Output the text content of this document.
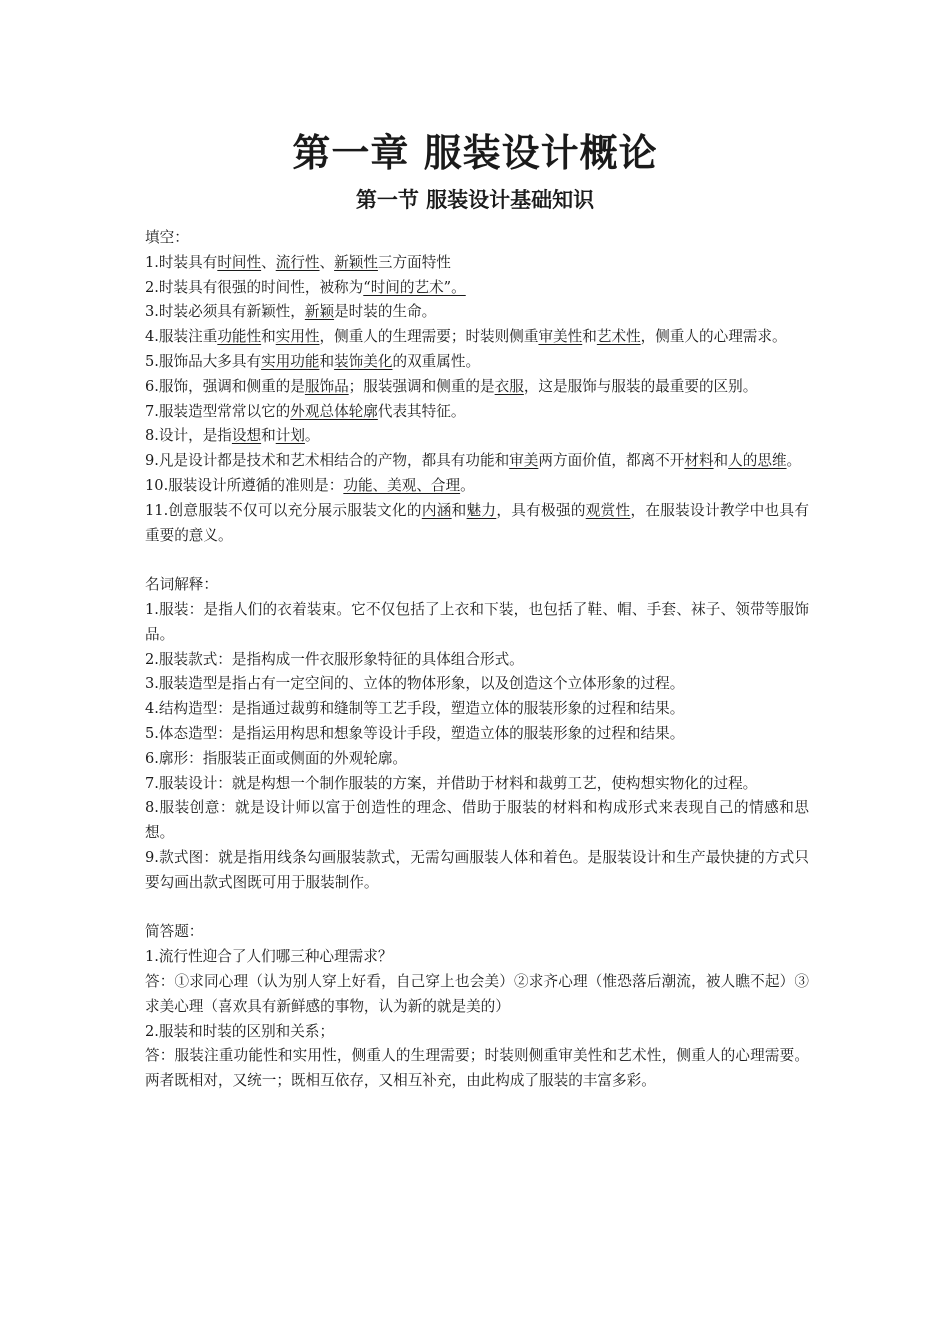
第一章 服装设计概论
第一节 服装设计基础知识

填空：

1.时装具有时间性、流行性、新颖性三方面特性

2.时装具有很强的时间性，被称为“时间的艺术”。

3.时装必须具有新颖性，新颖是时装的生命。

4.服装注重功能性和实用性，侧重人的生理需要；时装则侧重审美性和艺术性，侧重人的心理需求。

5.服饰品大多具有实用功能和装饰美化的双重属性。

6.服饰，强调和侧重的是服饰品；服装强调和侧重的是衣服，这是服饰与服装的最重要的区别。

7.服装造型常常以它的外观总体轮廓代表其特征。

8.设计，是指设想和计划。

9.凡是设计都是技术和艺术相结合的产物，都具有功能和审美两方面价值，都离不开材料和人的思维。

10.服装设计所遵循的准则是：功能、美观、合理。

11.创意服装不仅可以充分展示服装文化的内涵和魅力，具有极强的观赏性，在服装设计教学中也具有重要的意义。

名词解释：

1.服装：是指人们的衣着装束。它不仅包括了上衣和下装，也包括了鞋、帽、手套、袜子、领带等服饰品。

2.服装款式：是指构成一件衣服形象特征的具体组合形式。

3.服装造型是指占有一定空间的、立体的物体形象，以及创造这个立体形象的过程。

4.结构造型：是指通过裁剪和缝制等工艺手段，塑造立体的服装形象的过程和结果。

5.体态造型：是指运用构思和想象等设计手段，塑造立体的服装形象的过程和结果。

6.廓形：指服装正面或侧面的外观轮廓。

7.服装设计：就是构想一个制作服装的方案，并借助于材料和裁剪工艺，使构想实物化的过程。

8.服装创意：就是设计师以富于创造性的理念、借助于服装的材料和构成形式来表现自己的情感和思想。

9.款式图：就是指用线条勾画服装款式，无需勾画服装人体和着色。是服装设计和生产最快捷的方式只要勾画出款式图既可用于服装制作。

简答题：

1.流行性迎合了人们哪三种心理需求？

答：①求同心理（认为别人穿上好看，自己穿上也会美）②求齐心理（惟恐落后潮流，被人瞧不起）③求美心理（喜欢具有新鲜感的事物，认为新的就是美的）

2.服装和时装的区别和关系；

答：服装注重功能性和实用性，侧重人的生理需要；时装则侧重审美性和艺术性，侧重人的心理需要。两者既相对，又统一；既相互依存，又相互补充，由此构成了服装的丰富多彩。
